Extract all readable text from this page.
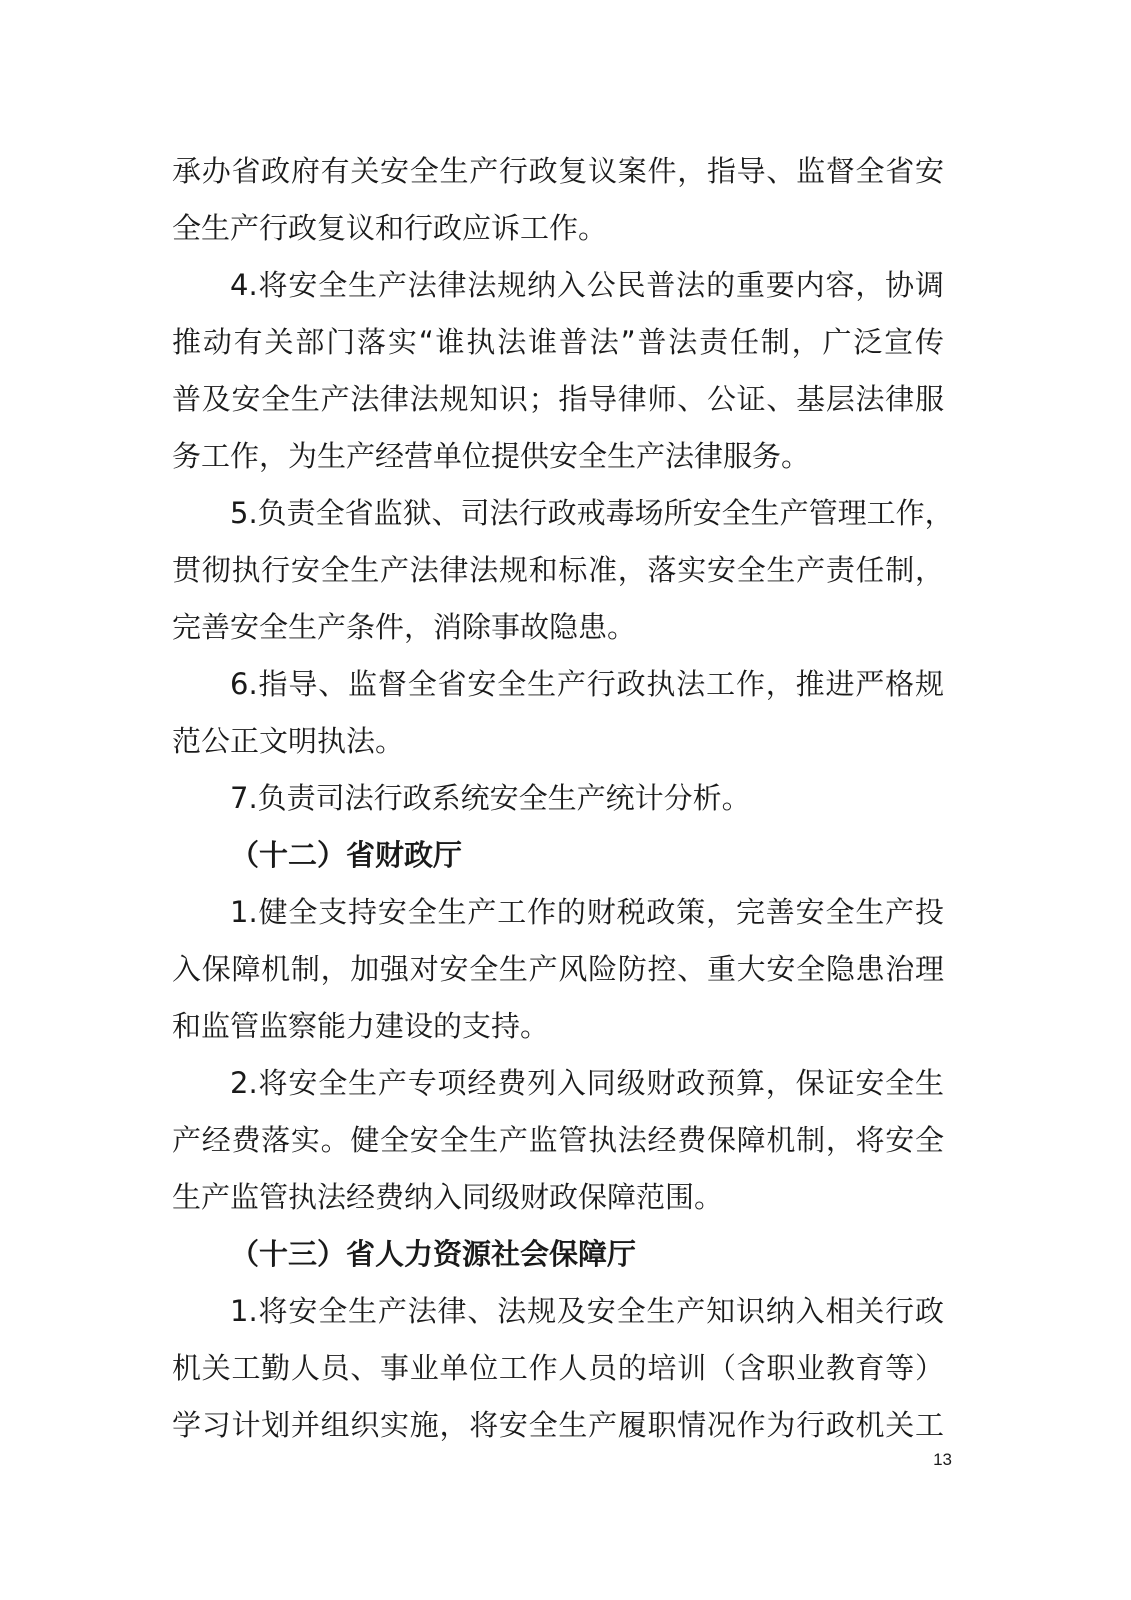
承办省政府有关安全生产行政复议案件，指导、监督全省安
全生产行政复议和行政应诉工作。
4.将安全生产法律法规纳入公民普法的重要内容，协调
推动有关部门落实“谁执法谁普法”普法责任制，广泛宣传
普及安全生产法律法规知识；指导律师、公证、基层法律服
务工作，为生产经营单位提供安全生产法律服务。
5.负责全省监狱、司法行政戒毒场所安全生产管理工作，
贯彻执行安全生产法律法规和标准，落实安全生产责任制，
完善安全生产条件，消除事故隐患。
6.指导、监督全省安全生产行政执法工作，推进严格规
范公正文明执法。
7.负责司法行政系统安全生产统计分析。
（十二）省财政厅
1.健全支持安全生产工作的财税政策，完善安全生产投
入保障机制，加强对安全生产风险防控、重大安全隐患治理
和监管监察能力建设的支持。
2.将安全生产专项经费列入同级财政预算，保证安全生
产经费落实。健全安全生产监管执法经费保障机制，将安全
生产监管执法经费纳入同级财政保障范围。
（十三）省人力资源社会保障厅
1.将安全生产法律、法规及安全生产知识纳入相关行政
机关工勤人员、事业单位工作人员的培训（含职业教育等）
学习计划并组织实施，将安全生产履职情况作为行政机关工
13
